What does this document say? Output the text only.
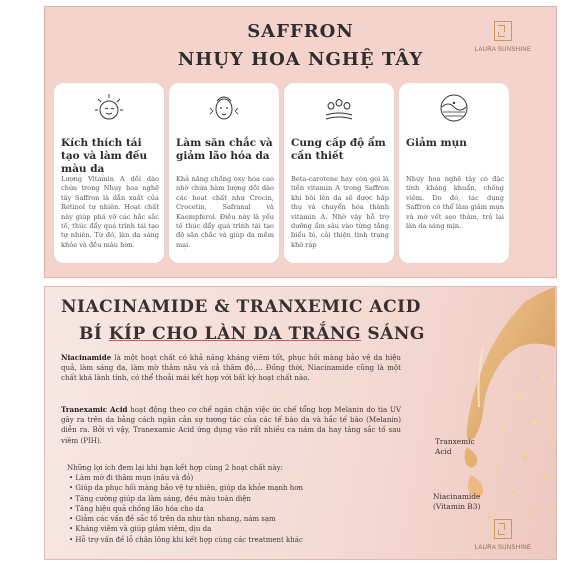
SAFFRON
NHỤY HOA NGHỆ TÂY	LAURA SUNSHINE
Kích thích tái tạo và làm đều màu da
Lượng Vitamin A dồi dào chứa trong Nhụy hoa nghệ tây Saffron là dẫn xuất của Retinol tự nhiên. Hoạt chất này giúp phá vỡ các hắc sắc tố, thúc đẩy quá trình tái tạo tự nhiên. Từ đó, làn da sáng khỏe và đều màu hơn.
Làm săn chắc và giảm lão hóa da
Khả năng chống oxy hóa cao nhờ chứa hàm lượng dồi dào các hoạt chất như Crocin, Crocetin, Safranal và Kaempferol. Điều này là yếu tố thúc đẩy quá trình tái tạo độ săn chắc và giúp da mềm mại.
Cung cấp độ ẩm cần thiết
Beta-carotene hay còn gọi là tiền vitamin A trong Saffron khi bôi lên da sẽ được hấp thụ và chuyển hóa thành vitamin A. Nhờ vậy hỗ trợ dưỡng ẩm sâu vào từng tầng biểu bì, cải thiện tình trạng khô ráp
Giảm mụn
Nhụy hoa nghệ tây có đặc tính kháng khuẩn, chống viêm. Do đó, tác dụng Saffron có thể làm giảm mụn và mờ vết sẹo thâm, trả lại làn da sáng mịn.
NIACINAMIDE & TRANXEMIC ACID
BÍ KÍP CHO LÀN DA TRẮNG SÁNG
Niacinamide là một hoạt chất có khả năng kháng viêm tốt, phục hồi màng bảo vệ da hiệu quả, làm sáng da, làm mờ thâm nâu và cả thâm đỏ,... Đồng thời, Niacinamide cũng là một chất khá lành tính, có thể thoải mái kết hợp với bất kỳ hoạt chất nào.
Tranexamic Acid hoạt động theo cơ chế ngăn chặn việc ức chế tổng hợp Melanin do tia UV gây ra trên da bằng cách ngăn cản sự tương tác của các tế bào da và hắc tế bào (Melanin) diễn ra. Bởi vì vậy, Tranexamic Acid ứng dụng vào rất nhiều ca nám da hay tăng sắc tố sau viêm (PIH).
Những lợi ích đem lại khi bạn kết hợp cùng 2 hoạt chất này:
• Làm mờ đi thâm mụn (nâu và đỏ)
• Giúp da phục hồi màng bảo vệ tự nhiên, giúp da khỏe mạnh hơn
• Tăng cường giúp da làm sáng, đều màu toàn diện
• Tăng hiệu quả chống lão hóa cho da
• Giảm các vấn đề sắc tố trên da như tàn nhang, nám sạm
• Kháng viêm và giúp giảm viêm, dịu da
• Hỗ trợ vấn đề lỗ chân lông khi kết hợp cùng các treatment khác
Tranxemic
Acid
Niacinamide
(Vitamin B3)
LAURA SUNSHINE
